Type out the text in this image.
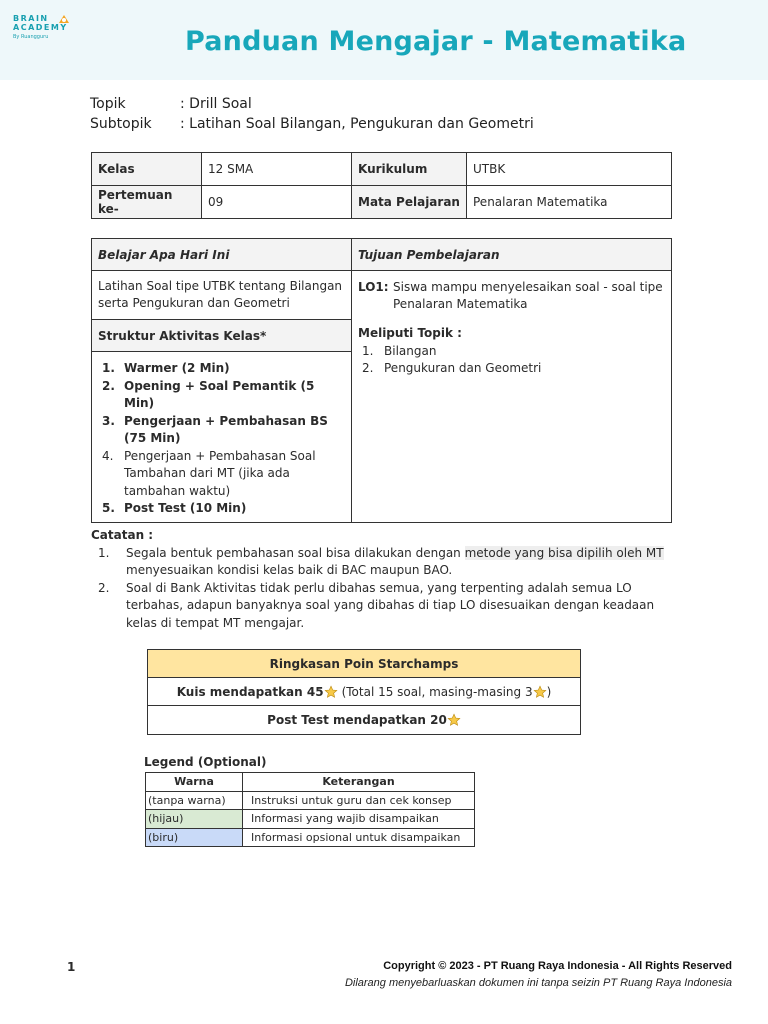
BRAIN
ACADEMY
By Ruangguru	Panduan Mengajar - Matematika
Topik	: Drill Soal
Subtopik	: Latihan Soal Bilangan, Pengukuran dan Geometri
Kelas	12 SMA	Kurikulum	UTBK
Pertemuan ke-	09	Mata Pelajaran	Penalaran Matematika
Belajar Apa Hari Ini
Latihan Soal tipe UTBK tentang Bilangan serta Pengukuran dan Geometri
Struktur Aktivitas Kelas*
1. Warmer (2 Min)
2. Opening + Soal Pemantik (5 Min)
3. Pengerjaan + Pembahasan BS (75 Min)
4. Pengerjaan + Pembahasan Soal Tambahan dari MT (jika ada tambahan waktu)
5. Post Test (10 Min)
Tujuan Pembelajaran
LO1: Siswa mampu menyelesaikan soal - soal tipe
Penalaran Matematika
Meliputi Topik :
1. Bilangan
2. Pengukuran dan Geometri
Catatan :
1.	Segala bentuk pembahasan soal bisa dilakukan dengan metode yang bisa dipilih oleh MT menyesuaikan kondisi kelas baik di BAC maupun BAO.
2.	Soal di Bank Aktivitas tidak perlu dibahas semua, yang terpenting adalah semua LO terbahas, adapun banyaknya soal yang dibahas di tiap LO disesuaikan dengan keadaan kelas di tempat MT mengajar.
Ringkasan Poin Starchamps
Kuis mendapatkan 45 (Total 15 soal, masing-masing 3 )
Post Test mendapatkan 20
Legend (Optional)
Warna	Keterangan
(tanpa warna)	Instruksi untuk guru dan cek konsep
(hijau)	Informasi yang wajib disampaikan
(biru)	Informasi opsional untuk disampaikan
1	Copyright © 2023 - PT Ruang Raya Indonesia - All Rights Reserved
Dilarang menyebarluaskan dokumen ini tanpa seizin PT Ruang Raya Indonesia
